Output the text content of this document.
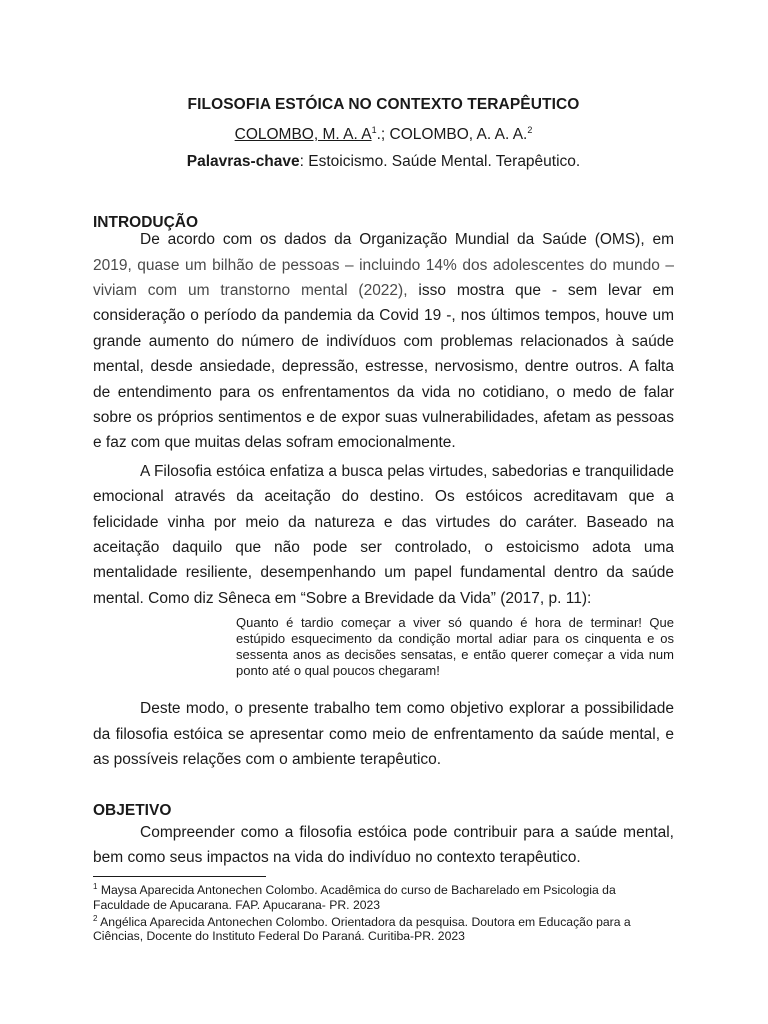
FILOSOFIA ESTÓICA NO CONTEXTO TERAPÊUTICO
COLOMBO, M. A. $A^1$.; COLOMBO, A. A. A.$^2$
Palavras-chave: Estoicismo. Saúde Mental. Terapêutico.
INTRODUÇÃO

De acordo com os dados da Organização Mundial da Saúde (OMS), em 2019, quase um bilhão de pessoas – incluindo 14% dos adolescentes do mundo – viviam com um transtorno mental (2022), isso mostra que - sem levar em consideração o período da pandemia da Covid 19 -, nos últimos tempos, houve um grande aumento do número de indivíduos com problemas relacionados à saúde mental, desde ansiedade, depressão, estresse, nervosismo, dentre outros. A falta de entendimento para os enfrentamentos da vida no cotidiano, o medo de falar sobre os próprios sentimentos e de expor suas vulnerabilidades, afetam as pessoas e faz com que muitas delas sofram emocionalmente.

A Filosofia estóica enfatiza a busca pelas virtudes, sabedorias e tranquilidade emocional através da aceitação do destino. Os estóicos acreditavam que a felicidade vinha por meio da natureza e das virtudes do caráter. Baseado na aceitação daquilo que não pode ser controlado, o estoicismo adota uma mentalidade resiliente, desempenhando um papel fundamental dentro da saúde mental. Como diz Sêneca em “Sobre a Brevidade da Vida” (2017, p. 11):

Quanto é tardio começar a viver só quando é hora de terminar! Que estúpido esquecimento da condição mortal adiar para os cinquenta e os sessenta anos as decisões sensatas, e então querer começar a vida num ponto até o qual poucos chegaram!

Deste modo, o presente trabalho tem como objetivo explorar a possibilidade da filosofia estóica se apresentar como meio de enfrentamento da saúde mental, e as possíveis relações com o ambiente terapêutico.

OBJETIVO

Compreender como a filosofia estóica pode contribuir para a saúde mental, bem como seus impactos na vida do indivíduo no contexto terapêutico.

$^1$ Maysa Aparecida Antonechen Colombo. Acadêmica do curso de Bacharelado em Psicologia da Faculdade de Apucarana. FAP. Apucarana- PR. 2023

$^2$ Angélica Aparecida Antonechen Colombo. Orientadora da pesquisa. Doutora em Educação para a Ciências, Docente do Instituto Federal Do Paraná. Curitiba-PR. 2023
